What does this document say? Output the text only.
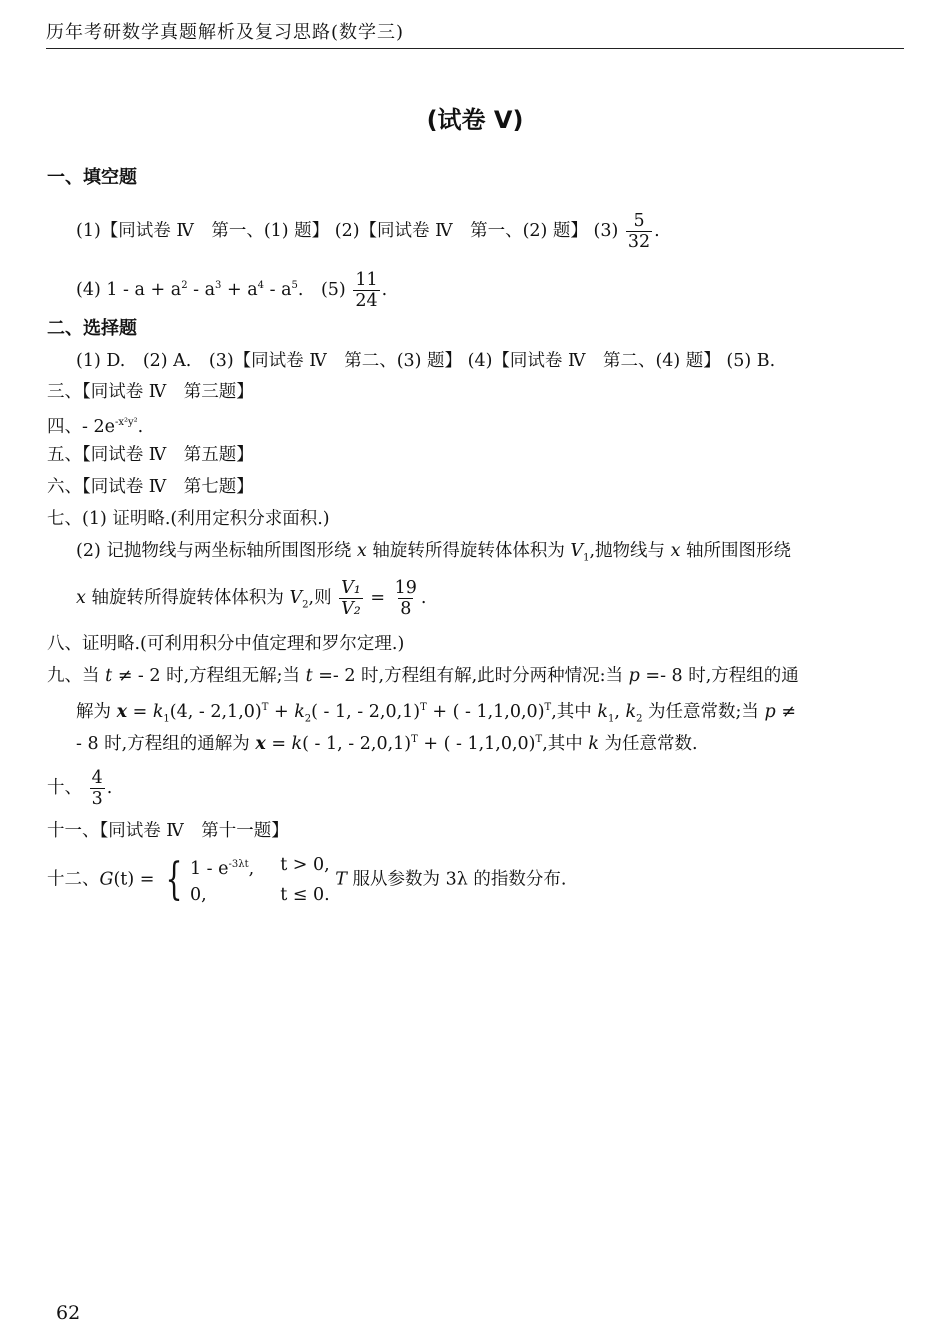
历年考研数学真题解析及复习思路(数学三)
(试卷 V)
一、填空题
(1)【同试卷 Ⅳ　第一、(1) 题】 (2)【同试卷 Ⅳ　第一、(2) 题】 $(3) \frac{5}{32}$ .
(4) $1 - a + a^2 - a^3 + a^4 - a^5$.　$(5) \frac{11}{24}$ .
二、选择题
(1) D.　(2) A.　(3)【同试卷 Ⅳ　第二、(3) 题】 (4)【同试卷 Ⅳ　第二、(4) 题】 (5) B.
三、【同试卷 Ⅳ　第三题】
四、- $2e^{-x^2y^2}$.
五、【同试卷 Ⅳ　第五题】
六、【同试卷 Ⅳ　第七题】
七、(1) 证明略.(利用定积分求面积.)
(2) 记抛物线与两坐标轴所围图形绕 x 轴旋转所得旋转体体积为 $V_1$,抛物线与 x 轴所围图形绕
x 轴旋转所得旋转体体积为 $V_2$,则 $\frac{\text{V₁}}{\text{V₂}} = \frac{19}{8}$ .
八、证明略.(可利用积分中值定理和罗尔定理.)
九、当 t ≠ - 2 时,方程组无解;当 t =- 2 时,方程组有解,此时分两种情况:当 p =- 8 时,方程组的通
解为 $x = k_1(4$, - $2,1,0)^T + k_2( - 1$, - 2,0,1)$^T$ + ( - 1,1,0,0)$^T$,其中 $k_1$, $k_2$ 为任意常数;当 p ≠
- 8 时,方程组的通解为 x = k( - 1, - 2,0,1)$^T$ + ( - 1,1,0,0)$^T$,其中 k 为任意常数.
十、 $\frac{4}{3}$ .
十一、【同试卷 Ⅳ　第十一题】
十二、G(t) = { $1 - e^{-3\lambda t}$, t > 0,
0,	t ≤ 0.
T 服从参数为 3λ 的指数分布.
62
